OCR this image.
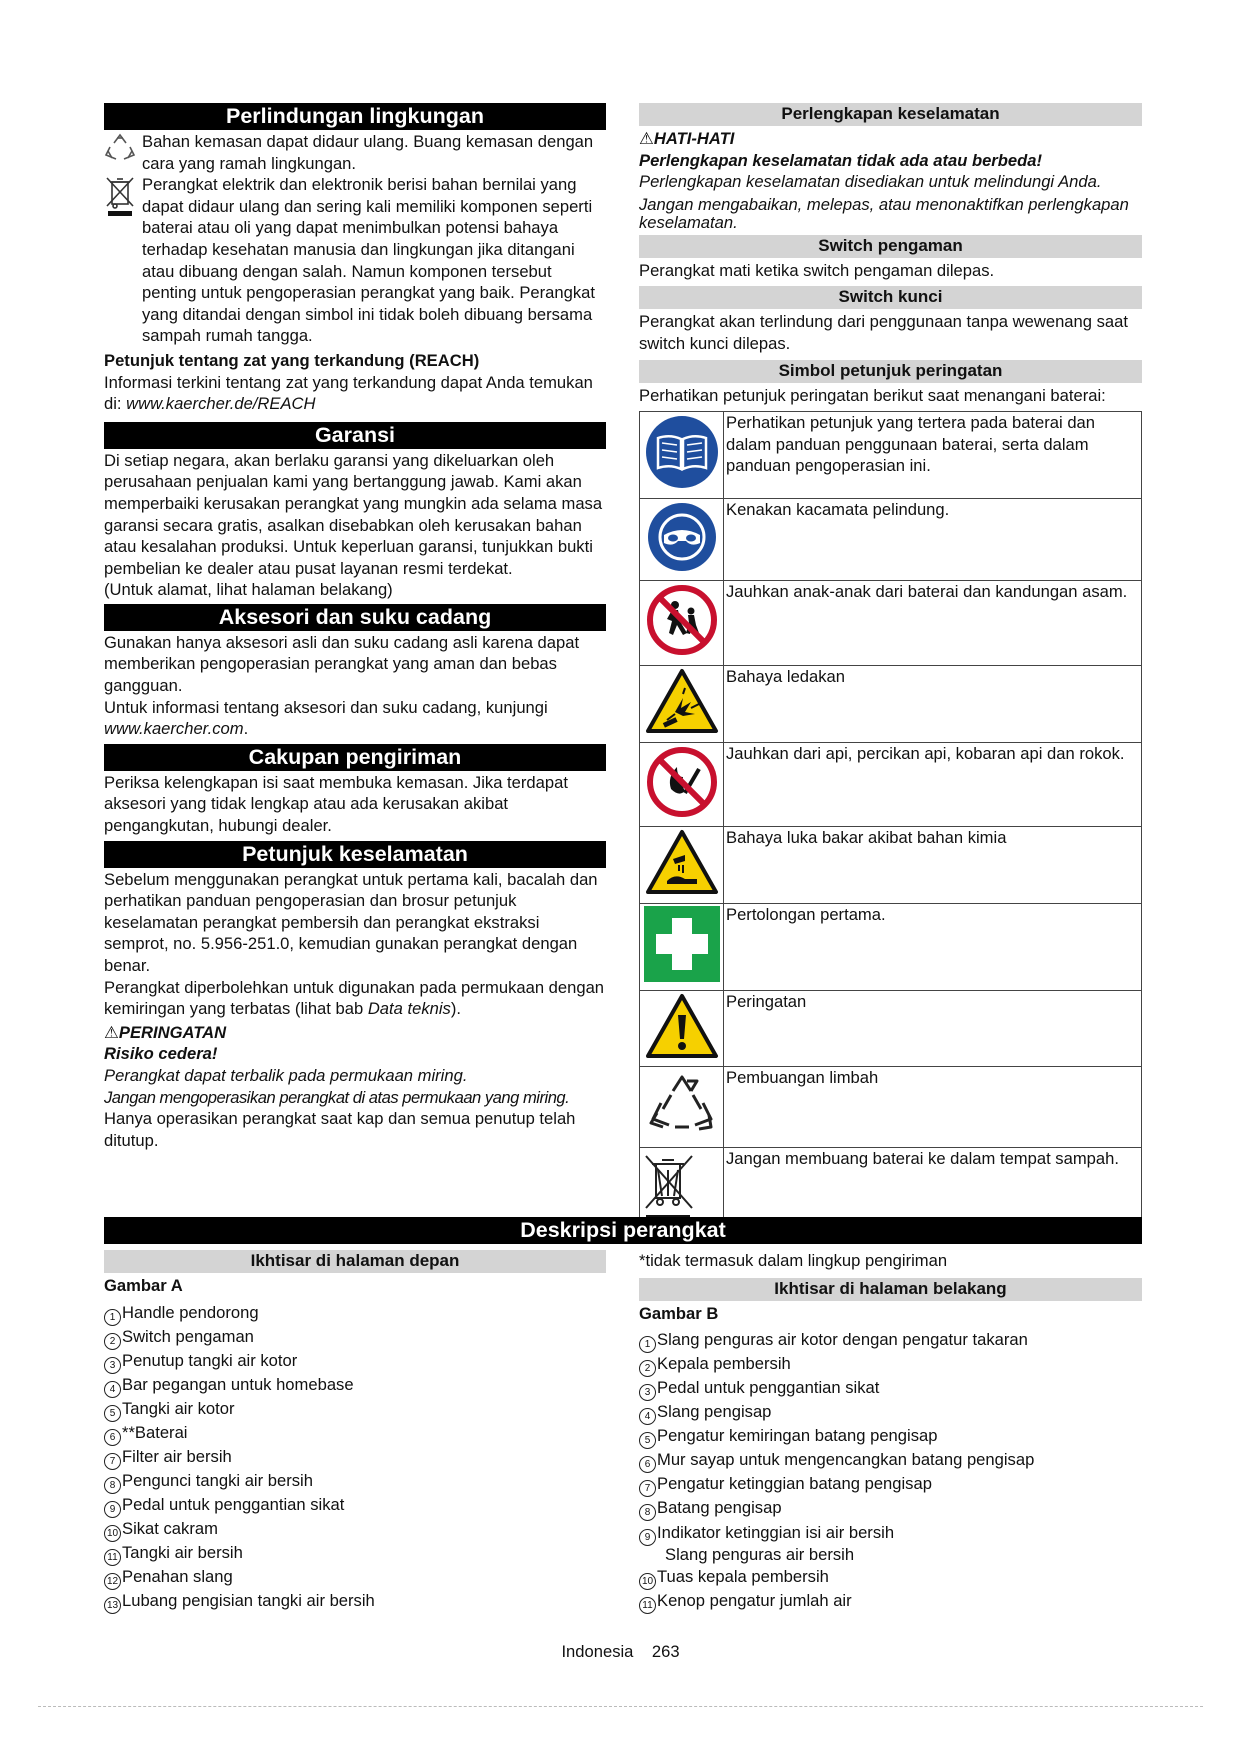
Perlindungan lingkungan
Bahan kemasan dapat didaur ulang. Buang kemasan dengan cara yang ramah lingkungan.
Perangkat elektrik dan elektronik berisi bahan bernilai yang dapat didaur ulang dan sering kali memiliki komponen seperti baterai atau oli yang dapat menimbulkan potensi bahaya terhadap kesehatan manusia dan lingkungan jika ditangani atau dibuang dengan salah. Namun komponen tersebut penting untuk pengoperasian perangkat yang baik. Perangkat yang ditandai dengan simbol ini tidak boleh dibuang bersama sampah rumah tangga.
Petunjuk tentang zat yang terkandung (REACH)
Informasi terkini tentang zat yang terkandung dapat Anda temukan di: www.kaercher.de/REACH
Garansi
Di setiap negara, akan berlaku garansi yang dikeluarkan oleh perusahaan penjualan kami yang bertanggung jawab. Kami akan memperbaiki kerusakan perangkat yang mungkin ada selama masa garansi secara gratis, asalkan disebabkan oleh kerusakan bahan atau kesalahan produksi. Untuk keperluan garansi, tunjukkan bukti pembelian ke dealer atau pusat layanan resmi terdekat.
(Untuk alamat, lihat halaman belakang)
Aksesori dan suku cadang
Gunakan hanya aksesori asli dan suku cadang asli karena dapat memberikan pengoperasian perangkat yang aman dan bebas gangguan.
Untuk informasi tentang aksesori dan suku cadang, kunjungi www.kaercher.com.
Cakupan pengiriman
Periksa kelengkapan isi saat membuka kemasan. Jika terdapat aksesori yang tidak lengkap atau ada kerusakan akibat pengangkutan, hubungi dealer.
Petunjuk keselamatan
Sebelum menggunakan perangkat untuk pertama kali, bacalah dan perhatikan panduan pengoperasian dan brosur petunjuk keselamatan perangkat pembersih dan perangkat ekstraksi semprot, no. 5.956-251.0, kemudian gunakan perangkat dengan benar.
Perangkat diperbolehkan untuk digunakan pada permukaan dengan kemiringan yang terbatas (lihat bab Data teknis).
⚠PERINGATAN
Risiko cedera!
Perangkat dapat terbalik pada permukaan miring.
Jangan mengoperasikan perangkat di atas permukaan yang miring.
Hanya operasikan perangkat saat kap dan semua penutup telah ditutup.
Perlengkapan keselamatan
⚠HATI-HATI
Perlengkapan keselamatan tidak ada atau berbeda!
Perlengkapan keselamatan disediakan untuk melindungi Anda.
Jangan mengabaikan, melepas, atau menonaktifkan perlengkapan keselamatan.
Switch pengaman
Perangkat mati ketika switch pengaman dilepas.
Switch kunci
Perangkat akan terlindung dari penggunaan tanpa wewenang saat switch kunci dilepas.
Simbol petunjuk peringatan
Perhatikan petunjuk peringatan berikut saat menangani baterai:
	Perhatikan petunjuk yang tertera pada baterai dan dalam panduan penggunaan baterai, serta dalam panduan pengoperasian ini.
	Kenakan kacamata pelindung.
	Jauhkan anak-anak dari baterai dan kandungan asam.
	Bahaya ledakan
	Jauhkan dari api, percikan api, kobaran api dan rokok.
	Bahaya luka bakar akibat bahan kimia
	Pertolongan pertama.
	Peringatan
	Pembuangan limbah
	Jangan membuang baterai ke dalam tempat sampah.
Deskripsi perangkat
Ikhtisar di halaman depan
Gambar A
1 Handle pendorong
2 Switch pengaman
3 Penutup tangki air kotor
4 Bar pegangan untuk homebase
5 Tangki air kotor
6 **Baterai
7 Filter air bersih
8 Pengunci tangki air bersih
9 Pedal untuk penggantian sikat
10 Sikat cakram
11 Tangki air bersih
12 Penahan slang
13 Lubang pengisian tangki air bersih
*tidak termasuk dalam lingkup pengiriman
Ikhtisar di halaman belakang
Gambar B
1 Slang penguras air kotor dengan pengatur takaran
2 Kepala pembersih
3 Pedal untuk penggantian sikat
4 Slang pengisap
5 Pengatur kemiringan batang pengisap
6 Mur sayap untuk mengencangkan batang pengisap
7 Pengatur ketinggian batang pengisap
8 Batang pengisap
9 Indikator ketinggian isi air bersih
Slang penguras air bersih
10 Tuas kepala pembersih
11 Kenop pengatur jumlah air
Indonesia 263
